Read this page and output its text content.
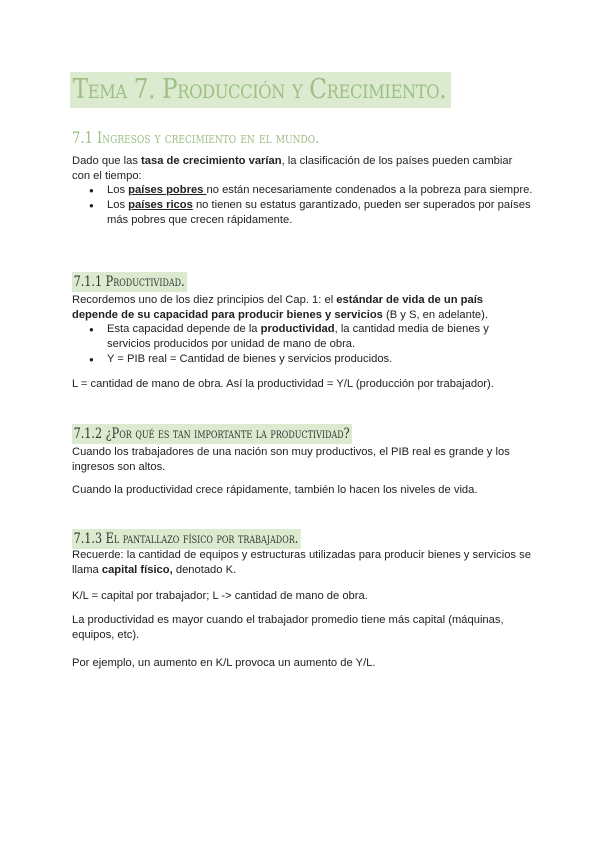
Tema 7. Producción y Crecimiento.
7.1 Ingresos y crecimiento en el mundo.

Dado que las tasa de crecimiento varían, la clasificación de los países pueden cambiar con el tiempo:

● Los países pobres no están necesariamente condenados a la pobreza para siempre.
● Los países ricos no tienen su estatus garantizado, pueden ser superados por países más pobres que crecen rápidamente.
7.1.1 Productividad.

Recordemos uno de los diez principios del Cap. 1: el estándar de vida de un país depende de su capacidad para producir bienes y servicios (B y S, en adelante).

● Esta capacidad depende de la productividad, la cantidad media de bienes y servicios producidos por unidad de mano de obra.
● Y = PIB real = Cantidad de bienes y servicios producidos.

L = cantidad de mano de obra. Así la productividad = Y/L (producción por trabajador).

7.1.2 ¿Por qué es tan importante la productividad?

Cuando los trabajadores de una nación son muy productivos, el PIB real es grande y los ingresos son altos.

Cuando la productividad crece rápidamente, también lo hacen los niveles de vida.

7.1.3 El pantallazo físico por trabajador.

Recuerde: la cantidad de equipos y estructuras utilizadas para producir bienes y servicios se llama capital físico, denotado K.

K/L = capital por trabajador; L -> cantidad de mano de obra.

La productividad es mayor cuando el trabajador promedio tiene más capital (máquinas, equipos, etc).

Por ejemplo, un aumento en K/L provoca un aumento de Y/L.
